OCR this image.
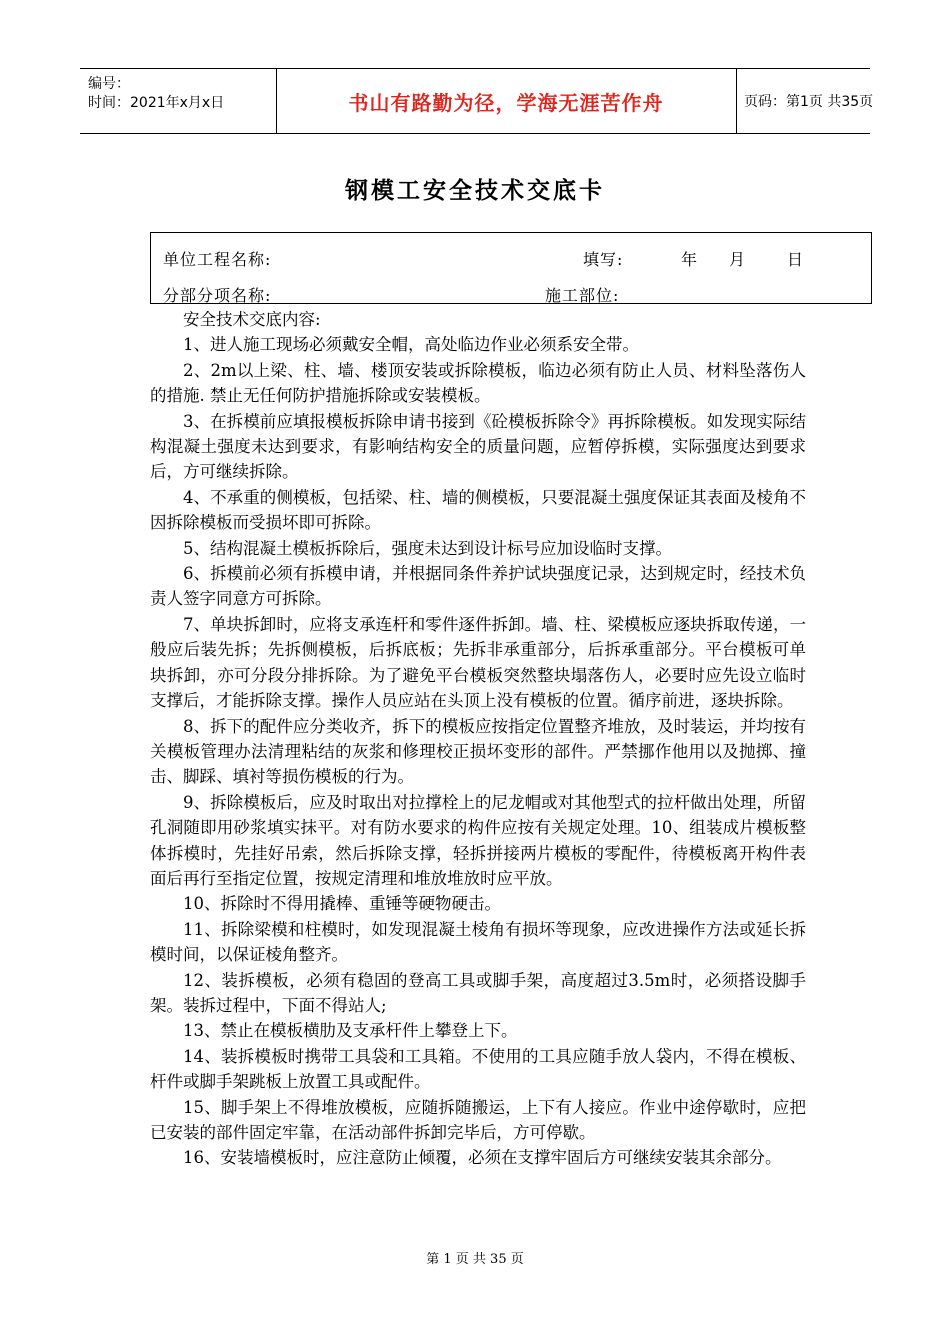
编号：
时间：2021年x月x日	书山有路勤为径，学海无涯苦作舟	页码：第1页 共35页
钢模工安全技术交底卡
单位工程名称:	填写:	年 月	日
分部分项名称:	施工部位:

安全技术交底内容:

1、进人施工现场必须戴安全帽，高处临边作业必须系安全带。

2、2m以上梁、柱、墙、楼顶安装或拆除模板，临边必须有防止人员、材料坠落伤人的措施. 禁止无任何防护措施拆除或安装模板。

3、在拆模前应填报模板拆除申请书接到《砼模板拆除令》再拆除模板。如发现实际结构混凝土强度未达到要求，有影响结构安全的质量问题，应暂停拆模，实际强度达到要求后，方可继续拆除。

4、不承重的侧模板，包括梁、柱、墙的侧模板，只要混凝土强度保证其表面及棱角不因拆除模板而受损坏即可拆除。

5、结构混凝土模板拆除后，强度未达到设计标号应加设临时支撑。

6、拆模前必须有拆模申请，并根据同条件养护试块强度记录，达到规定时，经技术负责人签字同意方可拆除。

7、单块拆卸时，应将支承连杆和零件逐件拆卸。墙、柱、梁模板应逐块拆取传递，一般应后装先拆；先拆侧模板，后拆底板；先拆非承重部分，后拆承重部分。平台模板可单块拆卸，亦可分段分排拆除。为了避免平台模板突然整块塌落伤人，必要时应先设立临时支撑后，才能拆除支撑。操作人员应站在头顶上没有模板的位置。循序前进，逐块拆除。

8、拆下的配件应分类收齐，拆下的模板应按指定位置整齐堆放，及时装运，并均按有关模板管理办法清理粘结的灰浆和修理校正损坏变形的部件。严禁挪作他用以及抛掷、撞击、脚踩、填衬等损伤模板的行为。

9、拆除模板后，应及时取出对拉撑栓上的尼龙帽或对其他型式的拉杆做出处理，所留孔洞随即用砂浆填实抹平。对有防水要求的构件应按有关规定处理。10、组装成片模板整体拆模时，先挂好吊索，然后拆除支撑，轻拆拼接两片模板的零配件，待模板离开构件表面后再行至指定位置，按规定清理和堆放堆放时应平放。

10、拆除时不得用撬棒、重锤等硬物硬击。

11、拆除梁模和柱模时，如发现混凝土棱角有损坏等现象，应改进操作方法或延长拆模时间，以保证棱角整齐。

12、装拆模板，必须有稳固的登高工具或脚手架，高度超过3.5m时，必须搭设脚手架。装拆过程中，下面不得站人;

13、禁止在模板横肋及支承杆件上攀登上下。

14、装拆模板时携带工具袋和工具箱。不使用的工具应随手放人袋内，不得在模板、杆件或脚手架跳板上放置工具或配件。

15、脚手架上不得堆放模板，应随拆随搬运，上下有人接应。作业中途停歇时，应把已安装的部件固定牢靠，在活动部件拆卸完毕后，方可停歇。

16、安装墙模板时，应注意防止倾覆，必须在支撑牢固后方可继续安装其余部分。

第 1 页 共 35 页
